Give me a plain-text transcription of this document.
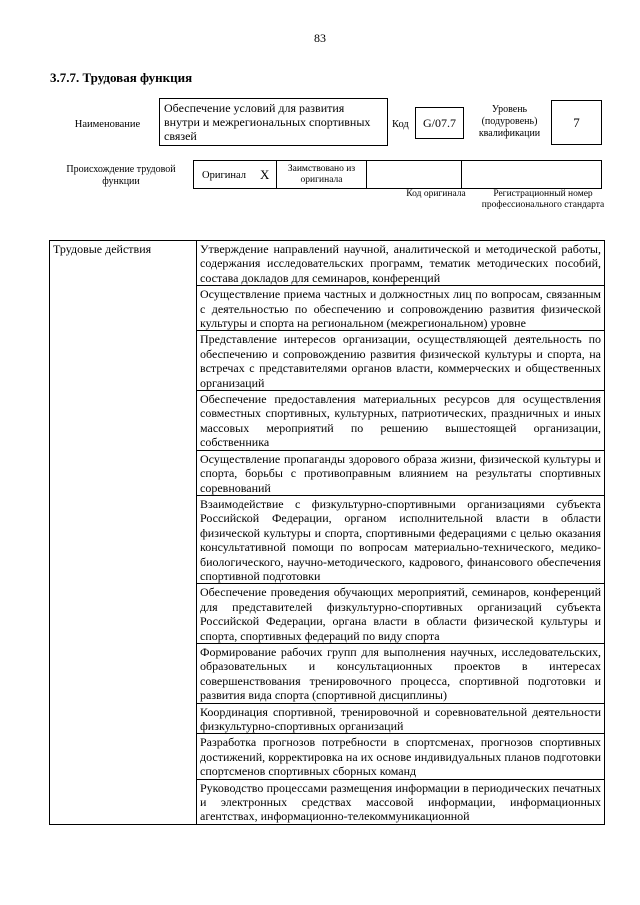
83
3.7.7. Трудовая функция
Наименование
Обеспечение условий для развития внутри и межрегиональных спортивных связей
Код	G/07.7
Уровень (подуровень) квалификации
7
Происхождение трудовой функции
Оригинал X	Заимствовано из оригинала
Код оригинала	Регистрационный номер профессионального стандарта
Трудовые действия	Утверждение направлений научной, аналитической и методической работы, содержания исследовательских программ, тематик методических пособий, состава докладов для семинаров, конференций
Осуществление приема частных и должностных лиц по вопросам, связанным с деятельностью по обеспечению и сопровождению развития физической культуры и спорта на региональном (межрегиональном) уровне
Представление интересов организации, осуществляющей деятельность по обеспечению и сопровождению развития физической культуры и спорта, на встречах с представителями органов власти, коммерческих и общественных организаций
Обеспечение предоставления материальных ресурсов для осуществления совместных спортивных, культурных, патриотических, праздничных и иных массовых мероприятий по решению вышестоящей организации, собственника
Осуществление пропаганды здорового образа жизни, физической культуры и спорта, борьбы с противоправным влиянием на результаты спортивных соревнований
Взаимодействие с физкультурно-спортивными организациями субъекта Российской Федерации, органом исполнительной власти в области физической культуры и спорта, спортивными федерациями с целью оказания консультативной помощи по вопросам материально-технического, медико-биологического, научно-методического, кадрового, финансового обеспечения спортивной подготовки
Обеспечение проведения обучающих мероприятий, семинаров, конференций для представителей физкультурно-спортивных организаций субъекта Российской Федерации, органа власти в области физической культуры и спорта, спортивных федераций по виду спорта
Формирование рабочих групп для выполнения научных, исследовательских, образовательных и консультационных проектов в интересах совершенствования тренировочного процесса, спортивной подготовки и развития вида спорта (спортивной дисциплины)
Координация спортивной, тренировочной и соревновательной деятельности физкультурно-спортивных организаций
Разработка прогнозов потребности в спортсменах, прогнозов спортивных достижений, корректировка на их основе индивидуальных планов подготовки спортсменов спортивных сборных команд
Руководство процессами размещения информации в периодических печатных и электронных средствах массовой информации, информационных агентствах, информационно-телекоммуникационной
